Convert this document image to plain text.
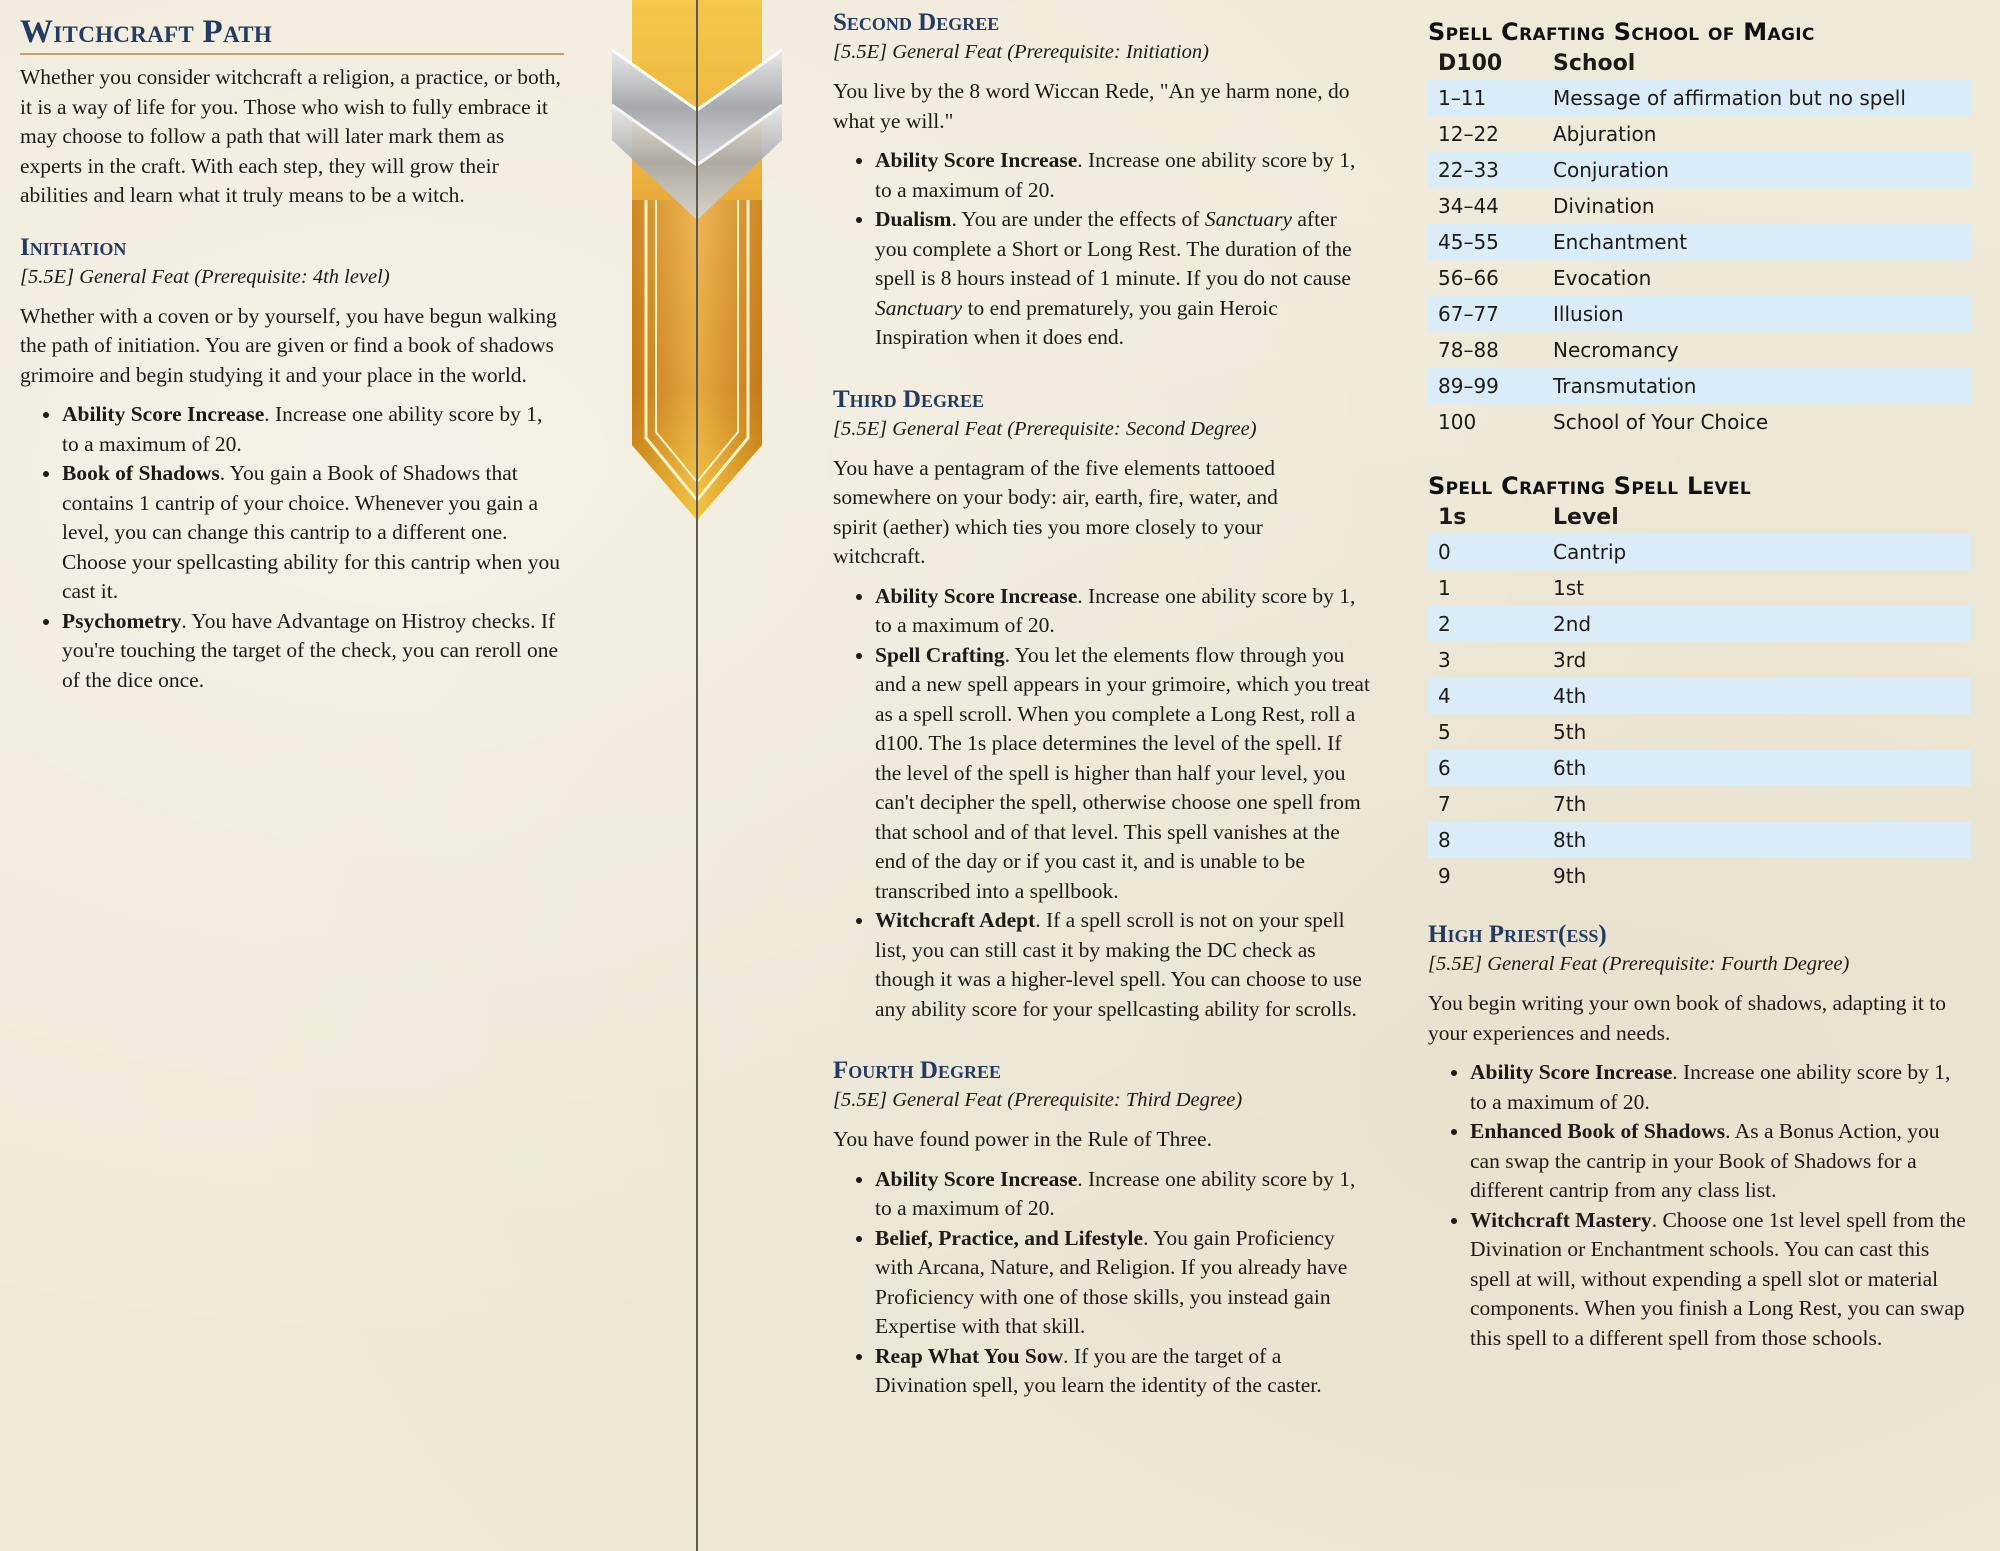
Witchcraft Path

Whether you consider witchcraft a religion, a practice, or both, it is a way of life for you. Those who wish to fully embrace it may choose to follow a path that will later mark them as experts in the craft. With each step, they will grow their abilities and learn what it truly means to be a witch.

Initiation
[5.5E] General Feat (Prerequisite: 4th level)

Whether with a coven or by yourself, you have begun walking the path of initiation. You are given or find a book of shadows grimoire and begin studying it and your place in the world.

• Ability Score Increase. Increase one ability score by 1, to a maximum of 20.
• Book of Shadows. You gain a Book of Shadows that contains 1 cantrip of your choice. Whenever you gain a level, you can change this cantrip to a different one. Choose your spellcasting ability for this cantrip when you cast it.
• Psychometry. You have Advantage on Histroy checks. If you're touching the target of the check, you can reroll one of the dice once.
Second Degree
[5.5E] General Feat (Prerequisite: Initiation)

You live by the 8 word Wiccan Rede, "An ye harm none, do what ye will."

• Ability Score Increase. Increase one ability score by 1, to a maximum of 20.
• Dualism. You are under the effects of Sanctuary after you complete a Short or Long Rest. The duration of the spell is 8 hours instead of 1 minute. If you do not cause Sanctuary to end prematurely, you gain Heroic Inspiration when it does end.
Third Degree
[5.5E] General Feat (Prerequisite: Second Degree)

You have a pentagram of the five elements tattooed somewhere on your body: air, earth, fire, water, and spirit (aether) which ties you more closely to your witchcraft.

• Ability Score Increase. Increase one ability score by 1, to a maximum of 20.
• Spell Crafting. You let the elements flow through you and a new spell appears in your grimoire, which you treat as a spell scroll. When you complete a Long Rest, roll a d100. The 1s place determines the level of the spell. If the level of the spell is higher than half your level, you can't decipher the spell, otherwise choose one spell from that school and of that level. This spell vanishes at the end of the day or if you cast it, and is unable to be transcribed into a spellbook.
• Witchcraft Adept. If a spell scroll is not on your spell list, you can still cast it by making the DC check as though it was a higher-level spell. You can choose to use any ability score for your spellcasting ability for scrolls.
Fourth Degree
[5.5E] General Feat (Prerequisite: Third Degree)

You have found power in the Rule of Three.

• Ability Score Increase. Increase one ability score by 1, to a maximum of 20.
• Belief, Practice, and Lifestyle. You gain Proficiency with Arcana, Nature, and Religion. If you already have Proficiency with one of those skills, you instead gain Expertise with that skill.
• Reap What You Sow. If you are the target of a Divination spell, you learn the identity of the caster.
Spell Crafting School of Magic
D100	School
1–11	Message of affirmation but no spell
12–22	Abjuration
22–33	Conjuration
34–44	Divination
45–55	Enchantment
56–66	Evocation
67–77	Illusion
78–88	Necromancy
89–99	Transmutation
100	School of Your Choice
Spell Crafting Spell Level
1s	Level
0	Cantrip
1	1st
2	2nd
3	3rd
4	4th
5	5th
6	6th
7	7th
8	8th
9	9th
High Priest(ess)
[5.5E] General Feat (Prerequisite: Fourth Degree)

You begin writing your own book of shadows, adapting it to your experiences and needs.

• Ability Score Increase. Increase one ability score by 1, to a maximum of 20.
• Enhanced Book of Shadows. As a Bonus Action, you can swap the cantrip in your Book of Shadows for a different cantrip from any class list.
• Witchcraft Mastery. Choose one 1st level spell from the Divination or Enchantment schools. You can cast this spell at will, without expending a spell slot or material components. When you finish a Long Rest, you can swap this spell to a different spell from those schools.
